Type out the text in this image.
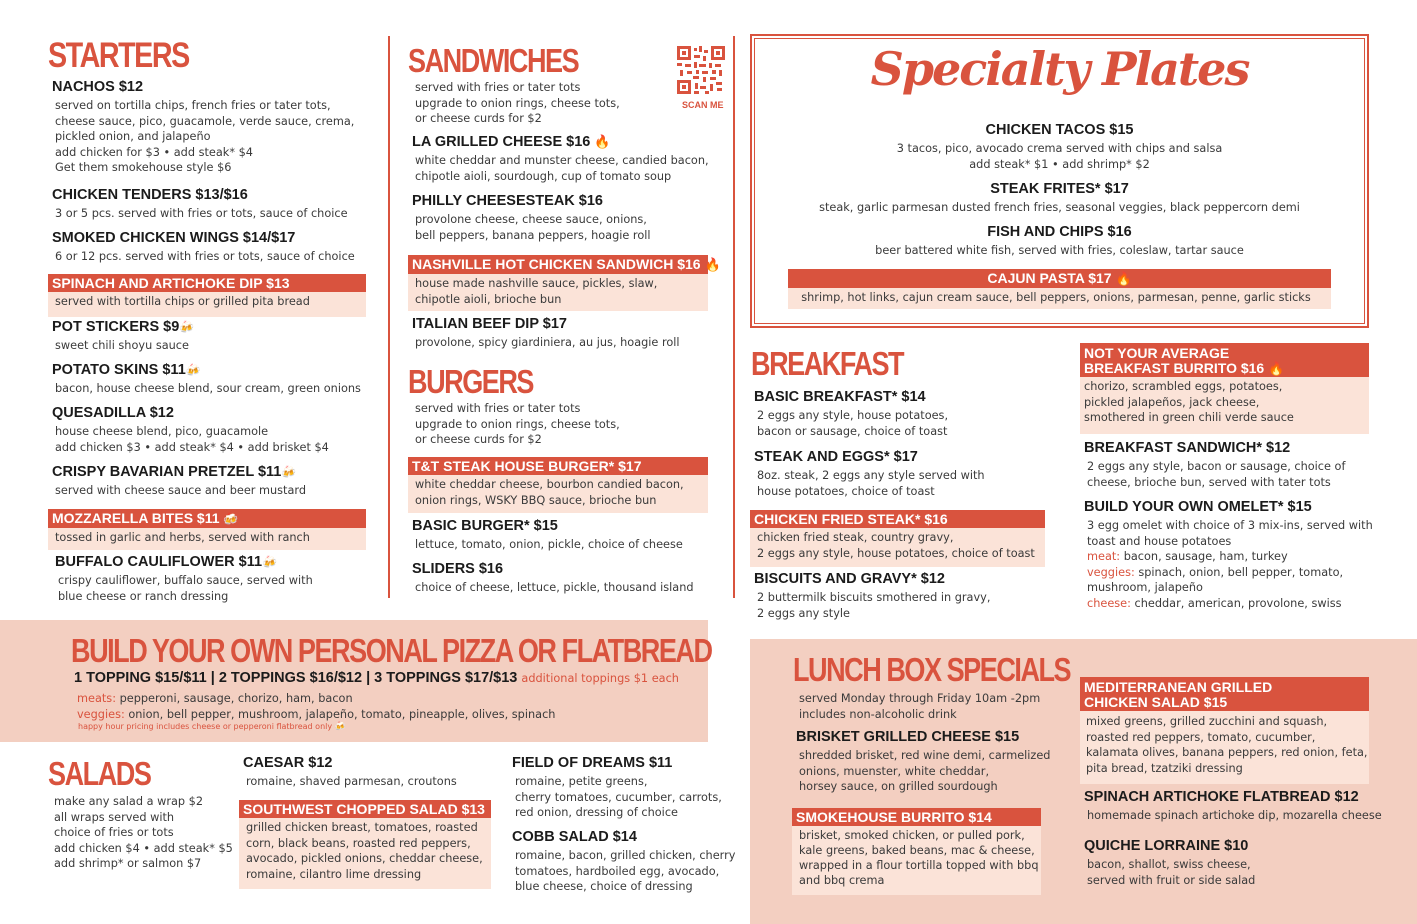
STARTERS
NACHOS $12
served on tortilla chips, french fries or tater tots,
cheese sauce, pico, guacamole, verde sauce, crema,
pickled onion, and jalapeño
add chicken for $3 • add steak* $4
Get them smokehouse style $6
CHICKEN TENDERS $13/$16
3 or 5 pcs. served with fries or tots, sauce of choice
SMOKED CHICKEN WINGS $14/$17
6 or 12 pcs. served with fries or tots, sauce of choice
SPINACH AND ARTICHOKE DIP $13
served with tortilla chips or grilled pita bread
POT STICKERS $9🍻
sweet chili shoyu sauce
POTATO SKINS $11🍻
bacon, house cheese blend, sour cream, green onions
QUESADILLA $12
house cheese blend, pico, guacamole
add chicken $3 • add steak* $4 • add brisket $4
CRISPY BAVARIAN PRETZEL $11🍻
served with cheese sauce and beer mustard
MOZZARELLA BITES $11 🍻
tossed in garlic and herbs, served with ranch
BUFFALO CAULIFLOWER $11🍻
crispy cauliflower, buffalo sauce, served with
blue cheese or ranch dressing
SANDWICHES
served with fries or tater tots
upgrade to onion rings, cheese tots,
or cheese curds for $2
SCAN ME
LA GRILLED CHEESE $16 🔥
white cheddar and munster cheese, candied bacon,
chipotle aioli, sourdough, cup of tomato soup
PHILLY CHEESESTEAK $16
provolone cheese, cheese sauce, onions,
bell peppers, banana peppers, hoagie roll
NASHVILLE HOT CHICKEN SANDWICH $16 🔥
house made nashville sauce, pickles, slaw,
chipotle aioli, brioche bun
ITALIAN BEEF DIP $17
provolone, spicy giardiniera, au jus, hoagie roll
BURGERS
served with fries or tater tots
upgrade to onion rings, cheese tots,
or cheese curds for $2
T&T STEAK HOUSE BURGER* $17
white cheddar cheese, bourbon candied bacon,
onion rings, WSKY BBQ sauce, brioche bun
BASIC BURGER* $15
lettuce, tomato, onion, pickle, choice of cheese
SLIDERS $16
choice of cheese, lettuce, pickle, thousand island
Specialty Plates
CHICKEN TACOS $15
3 tacos, pico, avocado crema served with chips and salsa
add steak* $1 • add shrimp* $2
STEAK FRITES* $17
steak, garlic parmesan dusted french fries, seasonal veggies, black peppercorn demi
FISH AND CHIPS $16
beer battered white fish, served with fries, coleslaw, tartar sauce
CAJUN PASTA $17 🔥
shrimp, hot links, cajun cream sauce, bell peppers, onions, parmesan, penne, garlic sticks
BREAKFAST
BASIC BREAKFAST* $14
2 eggs any style, house potatoes,
bacon or sausage, choice of toast
STEAK AND EGGS* $17
8oz. steak, 2 eggs any style served with
house potatoes, choice of toast
CHICKEN FRIED STEAK* $16
chicken fried steak, country gravy,
2 eggs any style, house potatoes, choice of toast
BISCUITS AND GRAVY* $12
2 buttermilk biscuits smothered in gravy,
2 eggs any style
NOT YOUR AVERAGE
BREAKFAST BURRITO $16 🔥
chorizo, scrambled eggs, potatoes,
pickled jalapeños, jack cheese,
smothered in green chili verde sauce
BREAKFAST SANDWICH* $12
2 eggs any style, bacon or sausage, choice of
cheese, brioche bun, served with tater tots
BUILD YOUR OWN OMELET* $15
3 egg omelet with choice of 3 mix-ins, served with
toast and house potatoes
meat: bacon, sausage, ham, turkey
veggies: spinach, onion, bell pepper, tomato,
mushroom, jalapeño
cheese: cheddar, american, provolone, swiss
BUILD YOUR OWN PERSONAL PIZZA OR FLATBREAD
1 TOPPING $15/$11 | 2 TOPPINGS $16/$12 | 3 TOPPINGS $17/$13 additional toppings $1 each
meats: pepperoni, sausage, chorizo, ham, bacon
veggies: onion, bell pepper, mushroom, jalapeño, tomato, pineapple, olives, spinach
happy hour pricing includes cheese or pepperoni flatbread only 🍻
SALADS
make any salad a wrap $2
all wraps served with
choice of fries or tots
add chicken $4 • add steak* $5
add shrimp* or salmon $7
CAESAR $12
romaine, shaved parmesan, croutons
SOUTHWEST CHOPPED SALAD $13
grilled chicken breast, tomatoes, roasted
corn, black beans, roasted red peppers,
avocado, pickled onions, cheddar cheese,
romaine, cilantro lime dressing
FIELD OF DREAMS $11
romaine, petite greens,
cherry tomatoes, cucumber, carrots,
red onion, dressing of choice
COBB SALAD $14
romaine, bacon, grilled chicken, cherry
tomatoes, hardboiled egg, avocado,
blue cheese, choice of dressing
LUNCH BOX SPECIALS
served Monday through Friday 10am -2pm
includes non-alcoholic drink
BRISKET GRILLED CHEESE $15
shredded brisket, red wine demi, carmelized
onions, muenster, white cheddar,
horsey sauce, on grilled sourdough
SMOKEHOUSE BURRITO $14
brisket, smoked chicken, or pulled pork,
kale greens, baked beans, mac & cheese,
wrapped in a flour tortilla topped with bbq
and bbq crema
MEDITERRANEAN GRILLED
CHICKEN SALAD $15
mixed greens, grilled zucchini and squash,
roasted red peppers, tomato, cucumber,
kalamata olives, banana peppers, red onion, feta,
pita bread, tzatziki dressing
SPINACH ARTICHOKE FLATBREAD $12
homemade spinach artichoke dip, mozarella cheese
QUICHE LORRAINE $10
bacon, shallot, swiss cheese,
served with fruit or side salad
